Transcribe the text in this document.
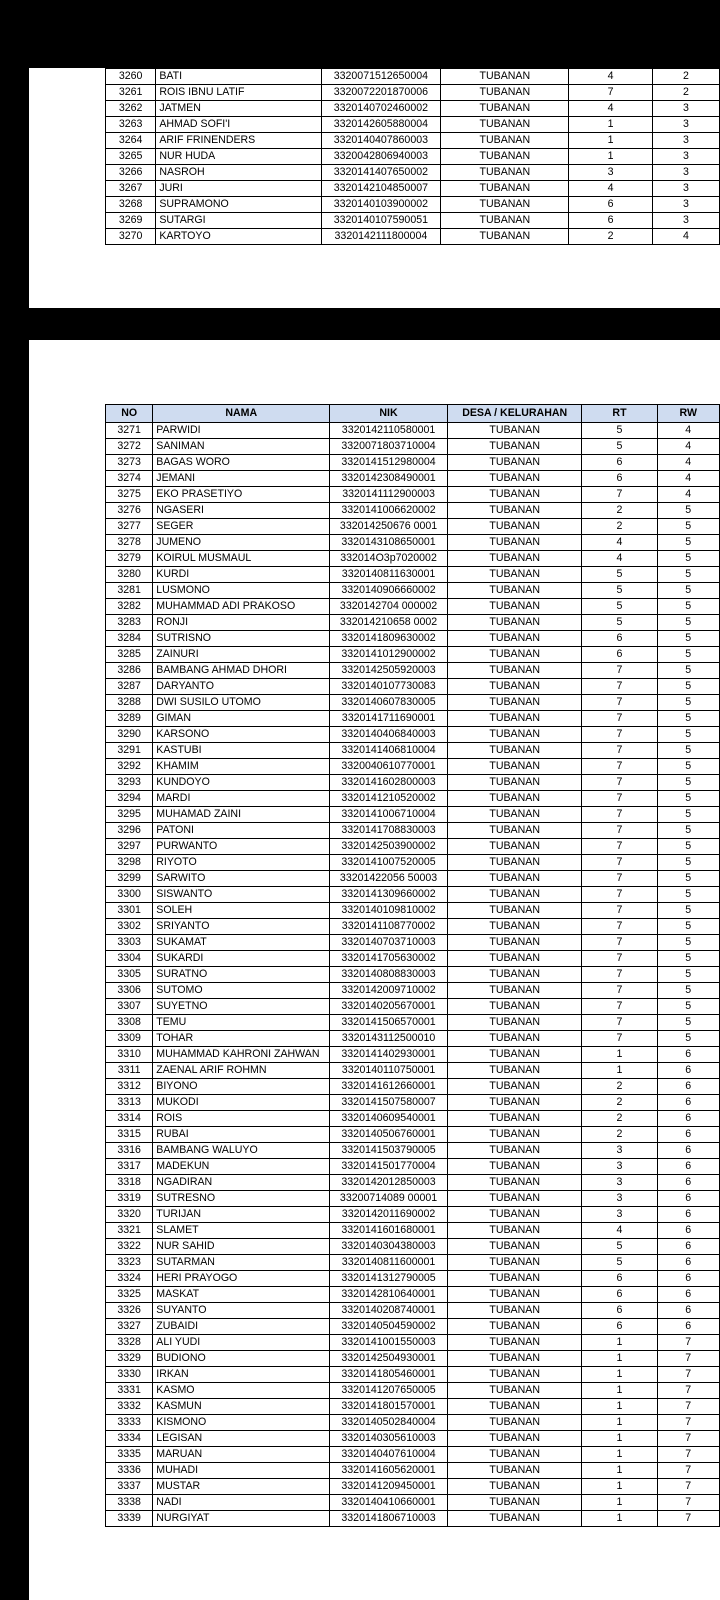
3260	BATI	3320071512650004	TUBANAN	4	2
3261	ROIS IBNU LATIF	3320072201870006	TUBANAN	7	2
3262	JATMEN	3320140702460002	TUBANAN	4	3
3263	AHMAD SOFI'I	3320142605880004	TUBANAN	1	3
3264	ARIF FRINENDERS	3320140407860003	TUBANAN	1	3
3265	NUR HUDA	3320042806940003	TUBANAN	1	3
3266	NASROH	3320141407650002	TUBANAN	3	3
3267	JURI	3320142104850007	TUBANAN	4	3
3268	SUPRAMONO	3320140103900002	TUBANAN	6	3
3269	SUTARGI	3320140107590051	TUBANAN	6	3
3270	KARTOYO	3320142111800004	TUBANAN	2	4
NO	NAMA	NIK	DESA / KELURAHAN	RT	RW
3271	PARWIDI	3320142110580001	TUBANAN	5	4
3272	SANIMAN	3320071803710004	TUBANAN	5	4
3273	BAGAS WORO	3320141512980004	TUBANAN	6	4
3274	JEMANI	3320142308490001	TUBANAN	6	4
3275	EKO PRASETIYO	3320141112900003	TUBANAN	7	4
3276	NGASERI	3320141006620002	TUBANAN	2	5
3277	SEGER	332014250676 0001	TUBANAN	2	5
3278	JUMENO	3320143108650001	TUBANAN	4	5
3279	KOIRUL MUSMAUL	332014O3p7020002	TUBANAN	4	5
3280	KURDI	3320140811630001	TUBANAN	5	5
3281	LUSMONO	3320140906660002	TUBANAN	5	5
3282	MUHAMMAD ADI PRAKOSO	3320142704 000002	TUBANAN	5	5
3283	RONJI	332014210658 0002	TUBANAN	5	5
3284	SUTRISNO	3320141809630002	TUBANAN	6	5
3285	ZAINURI	3320141012900002	TUBANAN	6	5
3286	BAMBANG AHMAD DHORI	3320142505920003	TUBANAN	7	5
3287	DARYANTO	3320140107730083	TUBANAN	7	5
3288	DWI SUSILO UTOMO	3320140607830005	TUBANAN	7	5
3289	GIMAN	3320141711690001	TUBANAN	7	5
3290	KARSONO	3320140406840003	TUBANAN	7	5
3291	KASTUBI	3320141406810004	TUBANAN	7	5
3292	KHAMIM	3320040610770001	TUBANAN	7	5
3293	KUNDOYO	3320141602800003	TUBANAN	7	5
3294	MARDI	3320141210520002	TUBANAN	7	5
3295	MUHAMAD ZAINI	3320141006710004	TUBANAN	7	5
3296	PATONI	3320141708830003	TUBANAN	7	5
3297	PURWANTO	3320142503900002	TUBANAN	7	5
3298	RIYOTO	3320141007520005	TUBANAN	7	5
3299	SARWITO	33201422056 50003	TUBANAN	7	5
3300	SISWANTO	3320141309660002	TUBANAN	7	5
3301	SOLEH	3320140109810002	TUBANAN	7	5
3302	SRIYANTO	3320141108770002	TUBANAN	7	5
3303	SUKAMAT	3320140703710003	TUBANAN	7	5
3304	SUKARDI	3320141705630002	TUBANAN	7	5
3305	SURATNO	3320140808830003	TUBANAN	7	5
3306	SUTOMO	3320142009710002	TUBANAN	7	5
3307	SUYETNO	3320140205670001	TUBANAN	7	5
3308	TEMU	3320141506570001	TUBANAN	7	5
3309	TOHAR	3320143112500010	TUBANAN	7	5
3310	MUHAMMAD KAHRONI ZAHWAN	3320141402930001	TUBANAN	1	6
3311	ZAENAL ARIF ROHMN	3320140110750001	TUBANAN	1	6
3312	BIYONO	3320141612660001	TUBANAN	2	6
3313	MUKODI	3320141507580007	TUBANAN	2	6
3314	ROIS	3320140609540001	TUBANAN	2	6
3315	RUBAI	3320140506760001	TUBANAN	2	6
3316	BAMBANG WALUYO	3320141503790005	TUBANAN	3	6
3317	MADEKUN	3320141501770004	TUBANAN	3	6
3318	NGADIRAN	3320142012850003	TUBANAN	3	6
3319	SUTRESNO	33200714089 00001	TUBANAN	3	6
3320	TURIJAN	3320142011690002	TUBANAN	3	6
3321	SLAMET	3320141601680001	TUBANAN	4	6
3322	NUR SAHID	3320140304380003	TUBANAN	5	6
3323	SUTARMAN	3320140811600001	TUBANAN	5	6
3324	HERI PRAYOGO	3320141312790005	TUBANAN	6	6
3325	MASKAT	3320142810640001	TUBANAN	6	6
3326	SUYANTO	3320140208740001	TUBANAN	6	6
3327	ZUBAIDI	3320140504590002	TUBANAN	6	6
3328	ALI YUDI	3320141001550003	TUBANAN	1	7
3329	BUDIONO	3320142504930001	TUBANAN	1	7
3330	IRKAN	3320141805460001	TUBANAN	1	7
3331	KASMO	3320141207650005	TUBANAN	1	7
3332	KASMUN	3320141801570001	TUBANAN	1	7
3333	KISMONO	3320140502840004	TUBANAN	1	7
3334	LEGISAN	3320140305610003	TUBANAN	1	7
3335	MARUAN	3320140407610004	TUBANAN	1	7
3336	MUHADI	3320141605620001	TUBANAN	1	7
3337	MUSTAR	3320141209450001	TUBANAN	1	7
3338	NADI	3320140410660001	TUBANAN	1	7
3339	NURGIYAT	3320141806710003	TUBANAN	1	7
